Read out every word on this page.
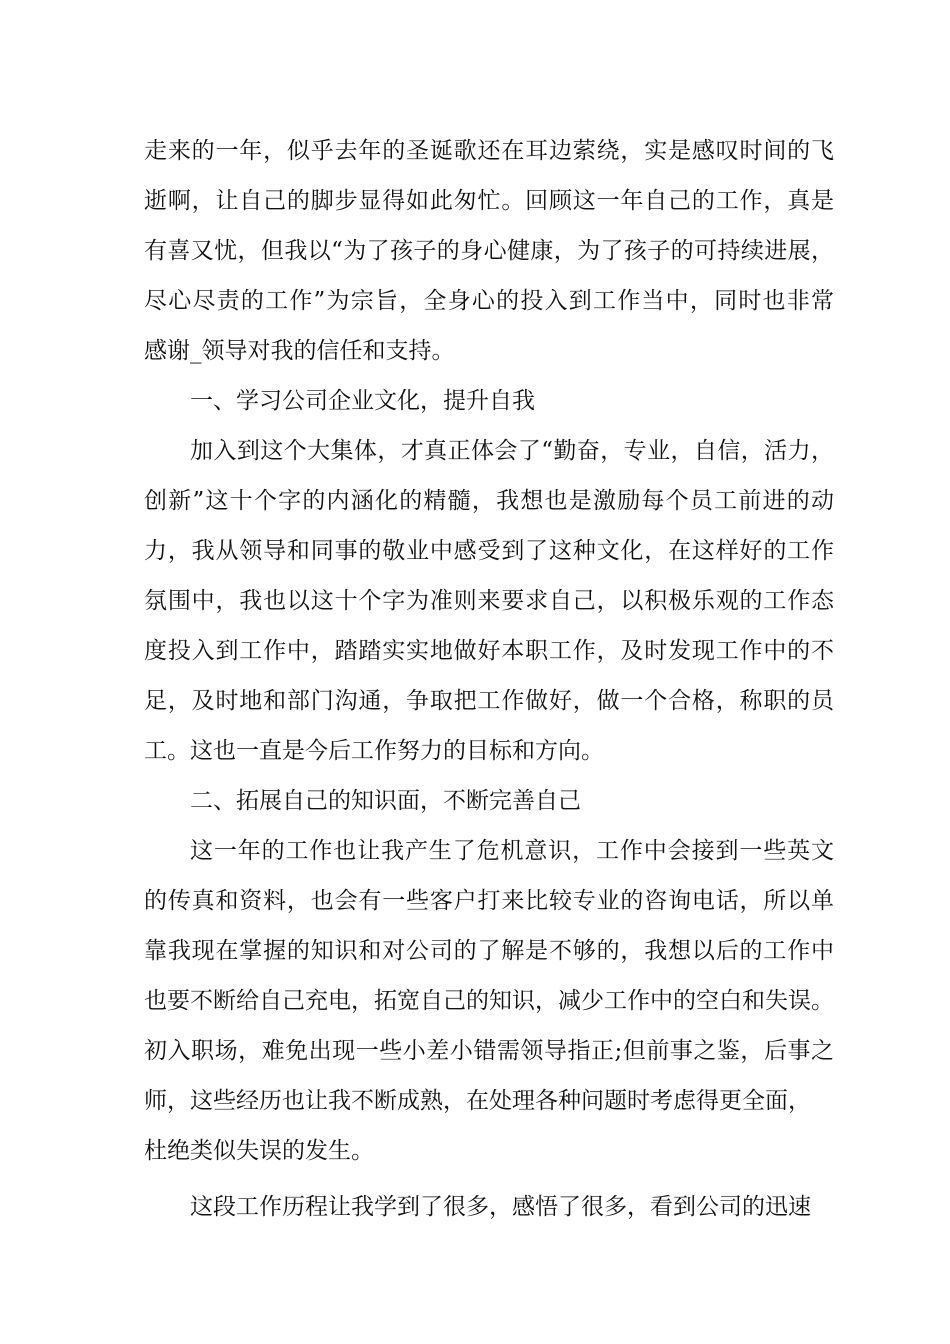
走来的一年，似乎去年的圣诞歌还在耳边萦绕，实是感叹时间的飞
逝啊，让自己的脚步显得如此匆忙。回顾这一年自己的工作，真是
有喜又忧，但我以“为了孩子的身心健康，为了孩子的可持续进展，
尽心尽责的工作”为宗旨，全身心的投入到工作当中，同时也非常
感谢_领导对我的信任和支持。
一、学习公司企业文化，提升自我
加入到这个大集体，才真正体会了“勤奋，专业，自信，活力，
创新”这十个字的内涵化的精髓，我想也是激励每个员工前进的动
力，我从领导和同事的敬业中感受到了这种文化，在这样好的工作
氛围中，我也以这十个字为准则来要求自己，以积极乐观的工作态
度投入到工作中，踏踏实实地做好本职工作，及时发现工作中的不
足，及时地和部门沟通，争取把工作做好，做一个合格，称职的员
工。这也一直是今后工作努力的目标和方向。
二、拓展自己的知识面，不断完善自己
这一年的工作也让我产生了危机意识，工作中会接到一些英文
的传真和资料，也会有一些客户打来比较专业的咨询电话，所以单
靠我现在掌握的知识和对公司的了解是不够的，我想以后的工作中
也要不断给自己充电，拓宽自己的知识，减少工作中的空白和失误。
初入职场，难免出现一些小差小错需领导指正;但前事之鉴，后事之
师，这些经历也让我不断成熟，在处理各种问题时考虑得更全面，
杜绝类似失误的发生。
这段工作历程让我学到了很多，感悟了很多，看到公司的迅速
